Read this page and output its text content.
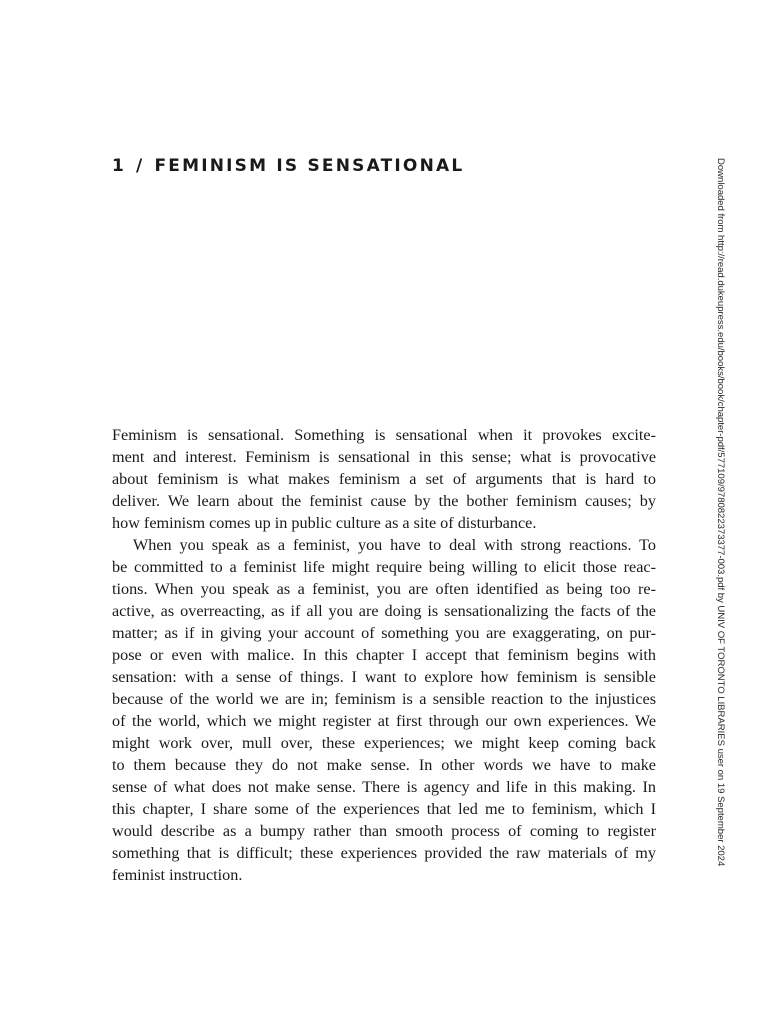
1 / FEMINISM IS SENSATIONAL
Feminism is sensational. Something is sensational when it provokes excite-
ment and interest. Feminism is sensational in this sense; what is provocative
about feminism is what makes feminism a set of arguments that is hard to
deliver. We learn about the feminist cause by the bother feminism causes; by
how feminism comes up in public culture as a site of disturbance.
When you speak as a feminist, you have to deal with strong reactions. To
be committed to a feminist life might require being willing to elicit those reac-
tions. When you speak as a feminist, you are often identified as being too re-
active, as overreacting, as if all you are doing is sensationalizing the facts of the
matter; as if in giving your account of something you are exaggerating, on pur-
pose or even with malice. In this chapter I accept that feminism begins with
sensation: with a sense of things. I want to explore how feminism is sensible
because of the world we are in; feminism is a sensible reaction to the injustices
of the world, which we might register at first through our own experiences. We
might work over, mull over, these experiences; we might keep coming back
to them because they do not make sense. In other words we have to make
sense of what does not make sense. There is agency and life in this making. In
this chapter, I share some of the experiences that led me to feminism, which I
would describe as a bumpy rather than smooth process of coming to register
something that is difficult; these experiences provided the raw materials of my
feminist instruction.
Downloaded from http://read.dukeupress.edu/books/book/chapter-pdf/577109/9780822373377-003.pdf by UNIV OF TORONTO LIBRARIES user on 19 September 2024
